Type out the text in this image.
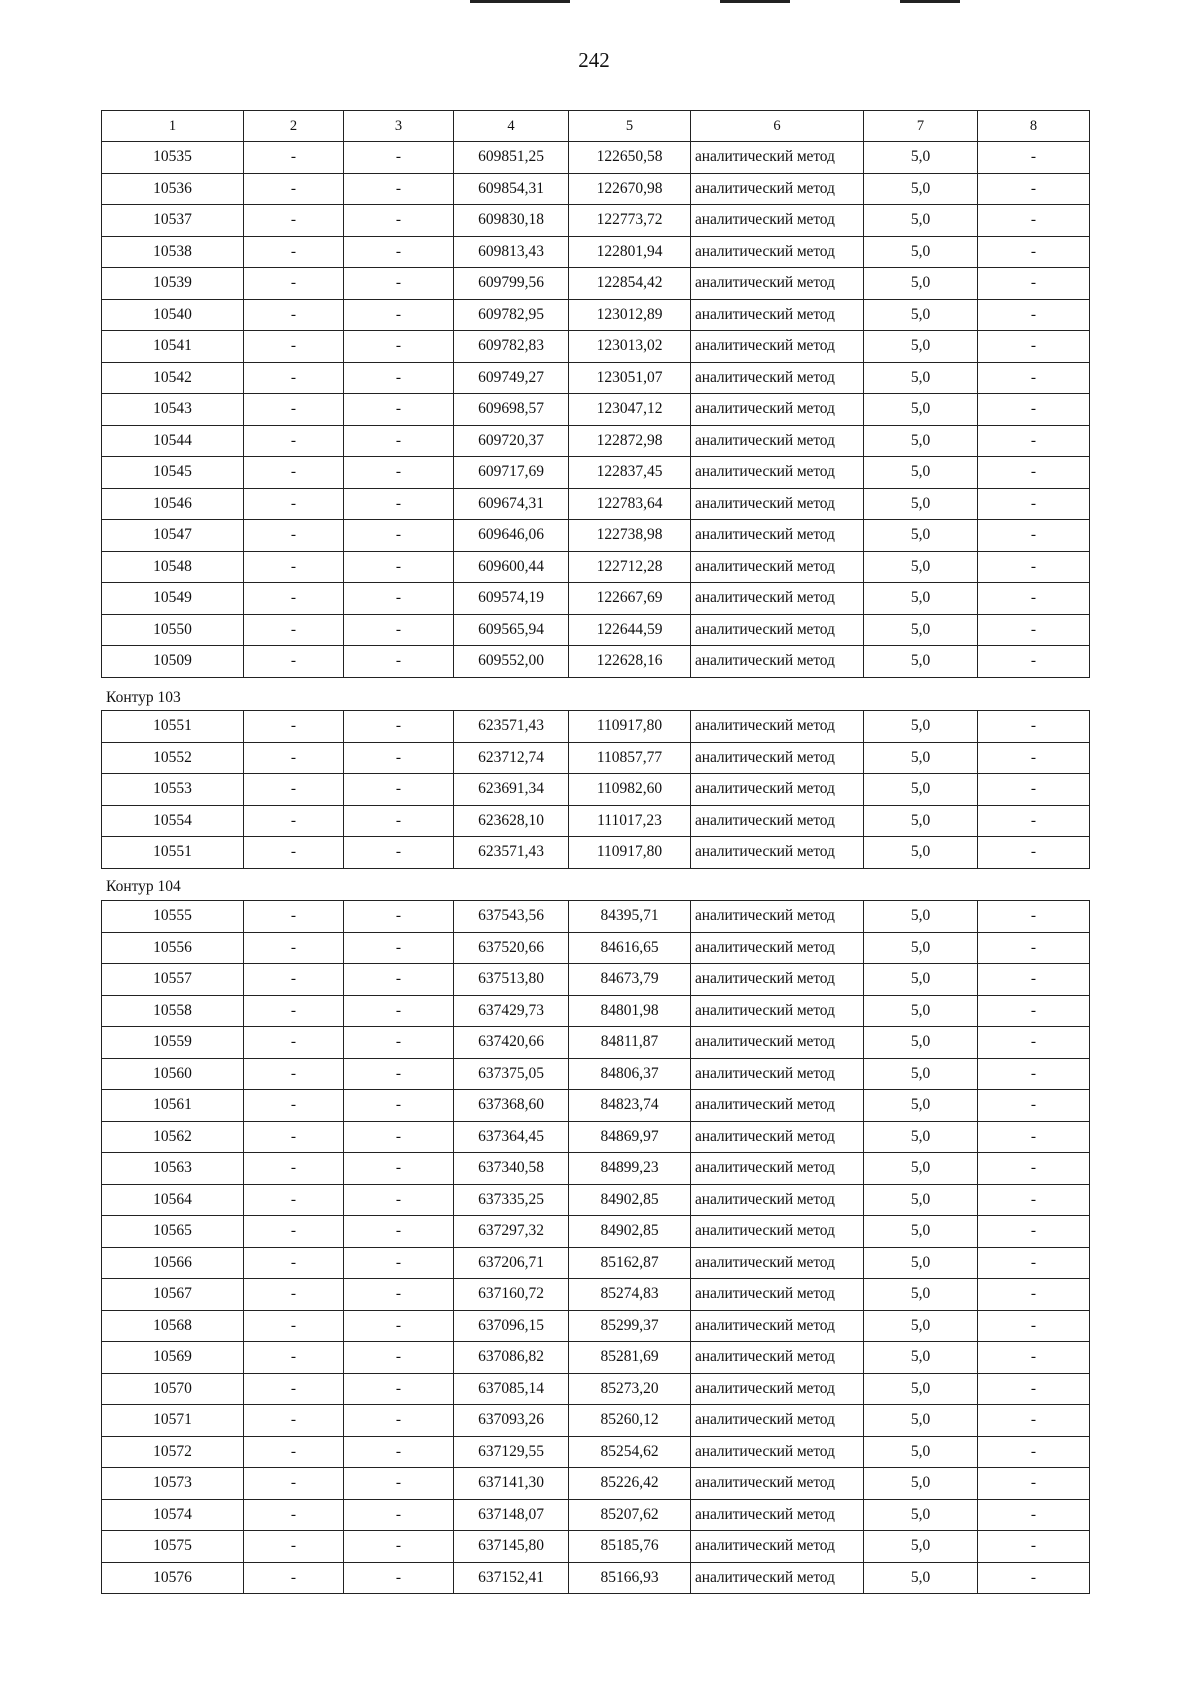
242
1	2	3	4	5	6	7	8
10535	-	-	609851,25	122650,58	аналитический метод	5,0	-
10536	-	-	609854,31	122670,98	аналитический метод	5,0	-
10537	-	-	609830,18	122773,72	аналитический метод	5,0	-
10538	-	-	609813,43	122801,94	аналитический метод	5,0	-
10539	-	-	609799,56	122854,42	аналитический метод	5,0	-
10540	-	-	609782,95	123012,89	аналитический метод	5,0	-
10541	-	-	609782,83	123013,02	аналитический метод	5,0	-
10542	-	-	609749,27	123051,07	аналитический метод	5,0	-
10543	-	-	609698,57	123047,12	аналитический метод	5,0	-
10544	-	-	609720,37	122872,98	аналитический метод	5,0	-
10545	-	-	609717,69	122837,45	аналитический метод	5,0	-
10546	-	-	609674,31	122783,64	аналитический метод	5,0	-
10547	-	-	609646,06	122738,98	аналитический метод	5,0	-
10548	-	-	609600,44	122712,28	аналитический метод	5,0	-
10549	-	-	609574,19	122667,69	аналитический метод	5,0	-
10550	-	-	609565,94	122644,59	аналитический метод	5,0	-
10509	-	-	609552,00	122628,16	аналитический метод	5,0	-
Контур 103
10551	-	-	623571,43	110917,80	аналитический метод	5,0	-
10552	-	-	623712,74	110857,77	аналитический метод	5,0	-
10553	-	-	623691,34	110982,60	аналитический метод	5,0	-
10554	-	-	623628,10	111017,23	аналитический метод	5,0	-
10551	-	-	623571,43	110917,80	аналитический метод	5,0	-
Контур 104
10555	-	-	637543,56	84395,71	аналитический метод	5,0	-
10556	-	-	637520,66	84616,65	аналитический метод	5,0	-
10557	-	-	637513,80	84673,79	аналитический метод	5,0	-
10558	-	-	637429,73	84801,98	аналитический метод	5,0	-
10559	-	-	637420,66	84811,87	аналитический метод	5,0	-
10560	-	-	637375,05	84806,37	аналитический метод	5,0	-
10561	-	-	637368,60	84823,74	аналитический метод	5,0	-
10562	-	-	637364,45	84869,97	аналитический метод	5,0	-
10563	-	-	637340,58	84899,23	аналитический метод	5,0	-
10564	-	-	637335,25	84902,85	аналитический метод	5,0	-
10565	-	-	637297,32	84902,85	аналитический метод	5,0	-
10566	-	-	637206,71	85162,87	аналитический метод	5,0	-
10567	-	-	637160,72	85274,83	аналитический метод	5,0	-
10568	-	-	637096,15	85299,37	аналитический метод	5,0	-
10569	-	-	637086,82	85281,69	аналитический метод	5,0	-
10570	-	-	637085,14	85273,20	аналитический метод	5,0	-
10571	-	-	637093,26	85260,12	аналитический метод	5,0	-
10572	-	-	637129,55	85254,62	аналитический метод	5,0	-
10573	-	-	637141,30	85226,42	аналитический метод	5,0	-
10574	-	-	637148,07	85207,62	аналитический метод	5,0	-
10575	-	-	637145,80	85185,76	аналитический метод	5,0	-
10576	-	-	637152,41	85166,93	аналитический метод	5,0	-
